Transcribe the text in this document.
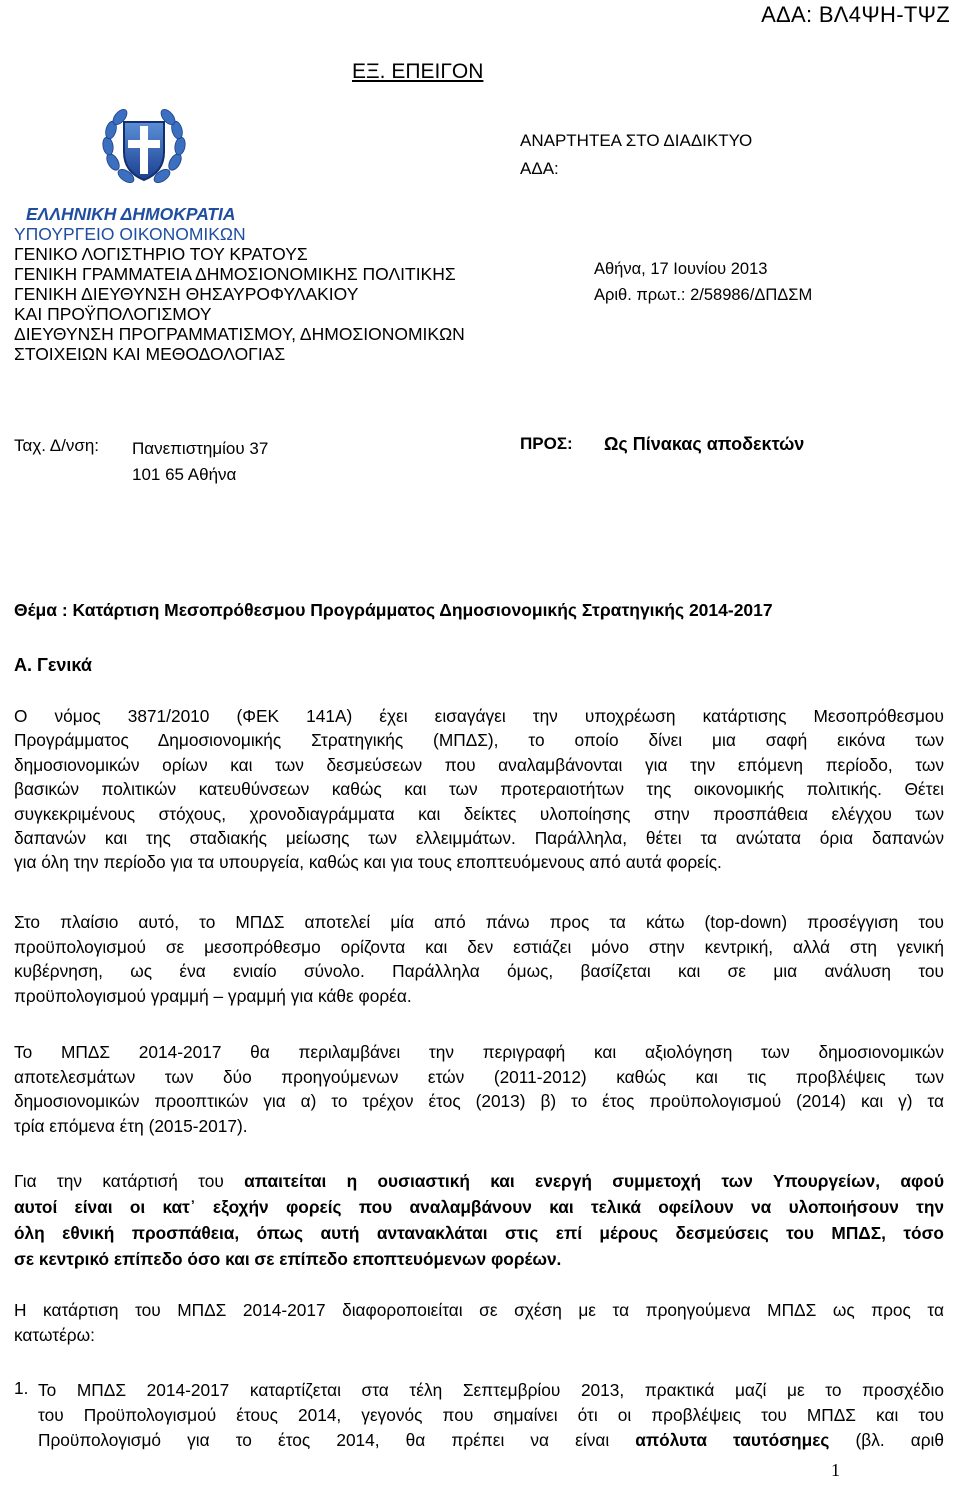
ΑΔΑ: ΒΛ4ΨΗ-ΤΨΖ
ΕΞ. ΕΠΕΙΓΟΝ
ΑΝΑΡΤΗΤΕΑ ΣΤΟ ΔΙΑΔΙΚΤΥΟ
ΑΔΑ:
ΕΛΛΗΝΙΚΗ ΔΗΜΟΚΡΑΤΙΑ
ΥΠΟΥΡΓΕΙΟ ΟΙΚΟΝΟΜΙΚΩΝ
ΓΕΝΙΚΟ ΛΟΓΙΣΤΗΡΙΟ ΤΟΥ ΚΡΑΤΟΥΣ
ΓΕΝΙΚΗ ΓΡΑΜΜΑΤΕΙΑ ΔΗΜΟΣΙΟΝΟΜΙΚΗΣ ΠΟΛΙΤΙΚΗΣ
ΓΕΝΙΚΗ ΔΙΕΥΘΥΝΣΗ ΘΗΣΑΥΡΟΦΥΛΑΚΙΟΥ
ΚΑΙ ΠΡΟΫΠΟΛΟΓΙΣΜΟΥ
ΔΙΕΥΘΥΝΣΗ ΠΡΟΓΡΑΜΜΑΤΙΣΜΟΥ, ΔΗΜΟΣΙΟΝΟΜΙΚΩΝ
ΣΤΟΙΧΕΙΩΝ ΚΑΙ ΜΕΘΟΔΟΛΟΓΙΑΣ
Αθήνα, 17 Ιουνίου 2013
Αριθ. πρωτ.: 2/58986/ΔΠΔΣΜ
Ταχ. Δ/νση: Πανεπιστημίου 37
101 65 Αθήνα
ΠΡΟΣ: Ως Πίνακας αποδεκτών
Θέμα : Κατάρτιση Μεσοπρόθεσμου Προγράμματος Δημοσιονομικής Στρατηγικής 2014-2017
Α. Γενικά
Ο νόμος 3871/2010 (ΦΕΚ 141Α) έχει εισαγάγει την υποχρέωση κατάρτισης Μεσοπρόθεσμου
Προγράμματος Δημοσιονομικής Στρατηγικής (ΜΠΔΣ), το οποίο δίνει μια σαφή εικόνα των
δημοσιονομικών ορίων και των δεσμεύσεων που αναλαμβάνονται για την επόμενη περίοδο, των
βασικών πολιτικών κατευθύνσεων καθώς και των προτεραιοτήτων της οικονομικής πολιτικής. Θέτει
συγκεκριμένους στόχους, χρονοδιαγράμματα και δείκτες υλοποίησης στην προσπάθεια ελέγχου των
δαπανών και της σταδιακής μείωσης των ελλειμμάτων. Παράλληλα, θέτει τα ανώτατα όρια δαπανών
για όλη την περίοδο για τα υπουργεία, καθώς και για τους εποπτευόμενους από αυτά φορείς.
Στο πλαίσιο αυτό, το ΜΠΔΣ αποτελεί μία από πάνω προς τα κάτω (top-down) προσέγγιση του
προϋπολογισμού σε μεσοπρόθεσμο ορίζοντα και δεν εστιάζει μόνο στην κεντρική, αλλά στη γενική
κυβέρνηση, ως ένα ενιαίο σύνολο. Παράλληλα όμως, βασίζεται και σε μια ανάλυση του
προϋπολογισμού γραμμή – γραμμή για κάθε φορέα.
Το ΜΠΔΣ 2014-2017 θα περιλαμβάνει την περιγραφή και αξιολόγηση των δημοσιονομικών
αποτελεσμάτων των δύο προηγούμενων ετών (2011-2012) καθώς και τις προβλέψεις των
δημοσιονομικών προοπτικών για α) το τρέχον έτος (2013) β) το έτος προϋπολογισμού (2014) και γ) τα
τρία επόμενα έτη (2015-2017).
Για την κατάρτισή του απαιτείται η ουσιαστική και ενεργή συμμετοχή των Υπουργείων, αφού
αυτοί είναι οι κατ᾽ εξοχήν φορείς που αναλαμβάνουν και τελικά οφείλουν να υλοποιήσουν την
όλη εθνική προσπάθεια, όπως αυτή αντανακλάται στις επί μέρους δεσμεύσεις του ΜΠΔΣ, τόσο
σε κεντρικό επίπεδο όσο και σε επίπεδο εποπτευόμενων φορέων.
Η κατάρτιση του ΜΠΔΣ 2014-2017 διαφοροποιείται σε σχέση με τα προηγούμενα ΜΠΔΣ ως προς τα
κατωτέρω:
1. Το ΜΠΔΣ 2014-2017 καταρτίζεται στα τέλη Σεπτεμβρίου 2013, πρακτικά μαζί με το προσχέδιο
του Προϋπολογισμού έτους 2014, γεγονός που σημαίνει ότι οι προβλέψεις του ΜΠΔΣ και του
Προϋπολογισμό για το έτος 2014, θα πρέπει να είναι απόλυτα ταυτόσημες (βλ. αριθ
1
